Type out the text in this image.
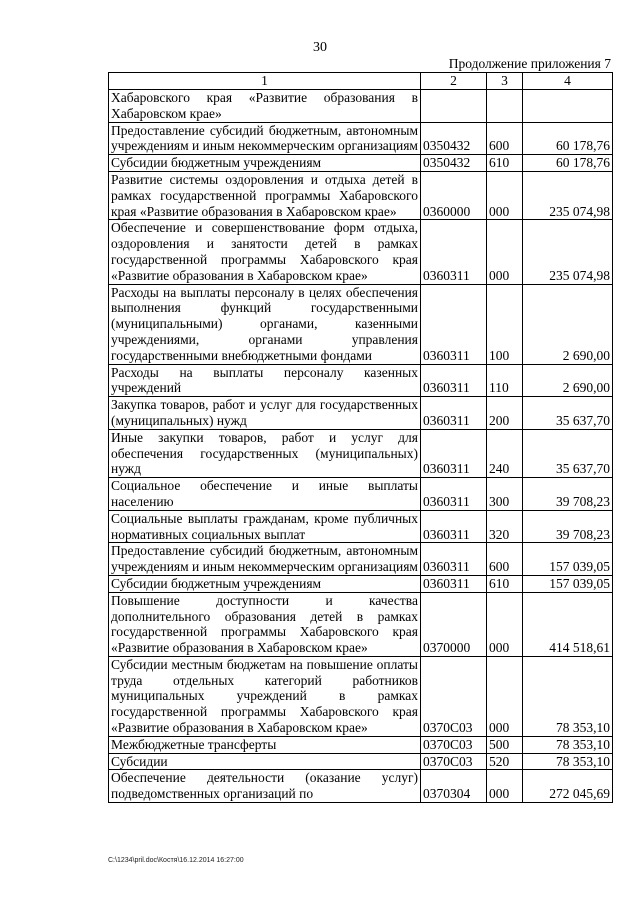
30
Продолжение приложения 7
1	2	3	4
Хабаровского края «Развитие образования в Хабаровском крае»			
Предоставление субсидий бюджетным, автономным учреждениям и иным некоммерческим организациям	0350432	600	60 178,76
Субсидии бюджетным учреждениям	0350432	610	60 178,76
Развитие системы оздоровления и отдыха детей в рамках государственной программы Хабаровского края «Развитие образования в Хабаровском крае»	0360000	000	235 074,98
Обеспечение и совершенствование форм отдыха, оздоровления и занятости детей в рамках государственной программы Хабаровского края «Развитие образования в Хабаровском крае»	0360311	000	235 074,98
Расходы на выплаты персоналу в целях обеспечения выполнения функций государственными (муниципальными) органами, казенными учреждениями, органами управления государственными внебюджетными фондами	0360311	100	2 690,00
Расходы на выплаты персоналу казенных учреждений	0360311	110	2 690,00
Закупка товаров, работ и услуг для государственных (муниципальных) нужд	0360311	200	35 637,70
Иные закупки товаров, работ и услуг для обеспечения государственных (муниципальных) нужд	0360311	240	35 637,70
Социальное обеспечение и иные выплаты населению	0360311	300	39 708,23
Социальные выплаты гражданам, кроме публичных нормативных социальных выплат	0360311	320	39 708,23
Предоставление субсидий бюджетным, автономным учреждениям и иным некоммерческим организациям	0360311	600	157 039,05
Субсидии бюджетным учреждениям	0360311	610	157 039,05
Повышение доступности и качества дополнительного образования детей в рамках государственной программы Хабаровского края «Развитие образования в Хабаровском крае»	0370000	000	414 518,61
Субсидии местным бюджетам на повышение оплаты труда отдельных категорий работников муниципальных учреждений в рамках государственной программы Хабаровского края «Развитие образования в Хабаровском крае»	0370С03	000	78 353,10
Межбюджетные трансферты	0370С03	500	78 353,10
Субсидии	0370С03	520	78 353,10
Обеспечение деятельности (оказание услуг) подведомственных организаций по	0370304	000	272 045,69
C:\1234\pril.doc\Костя\16.12.2014 16:27:00
